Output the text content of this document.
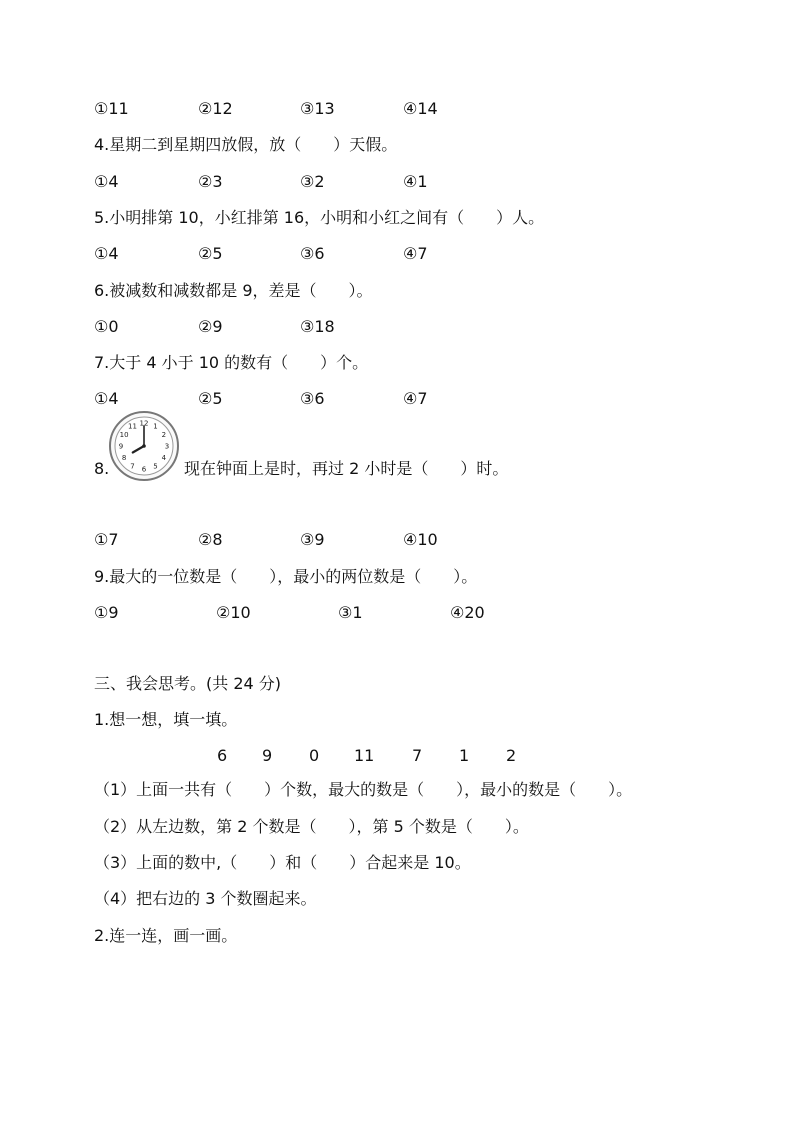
①11	②12	③13	④14
4.星期二到星期四放假，放（　　）天假。
①4	②3	③2	④1
5.小明排第 10，小红排第 16，小明和小红之间有（　　）人。
①4	②5	③6	④7
6.被减数和减数都是 9，差是（　　）。
①0	②9	③18
7.大于 4 小于 10 的数有（　　）个。
①4	②5	③6	④7
8.
12 1
2
3
4
5
6
7
8
9
10
11
现在钟面上是时，再过 2 小时是（　　）时。
①7	②8	③9	④10
9.最大的一位数是（　　），最小的两位数是（　　）。
①9	②10	③1	④20
三、我会思考。(共 24 分)
1.想一想，填一填。
6 9 0 11 7 1 2
（1）上面一共有（　　）个数，最大的数是（　　），最小的数是（　　）。
（2）从左边数，第 2 个数是（　　），第 5 个数是（　　）。
（3）上面的数中,（　　）和（　　）合起来是 10。
（4）把右边的 3 个数圈起来。
2.连一连，画一画。
